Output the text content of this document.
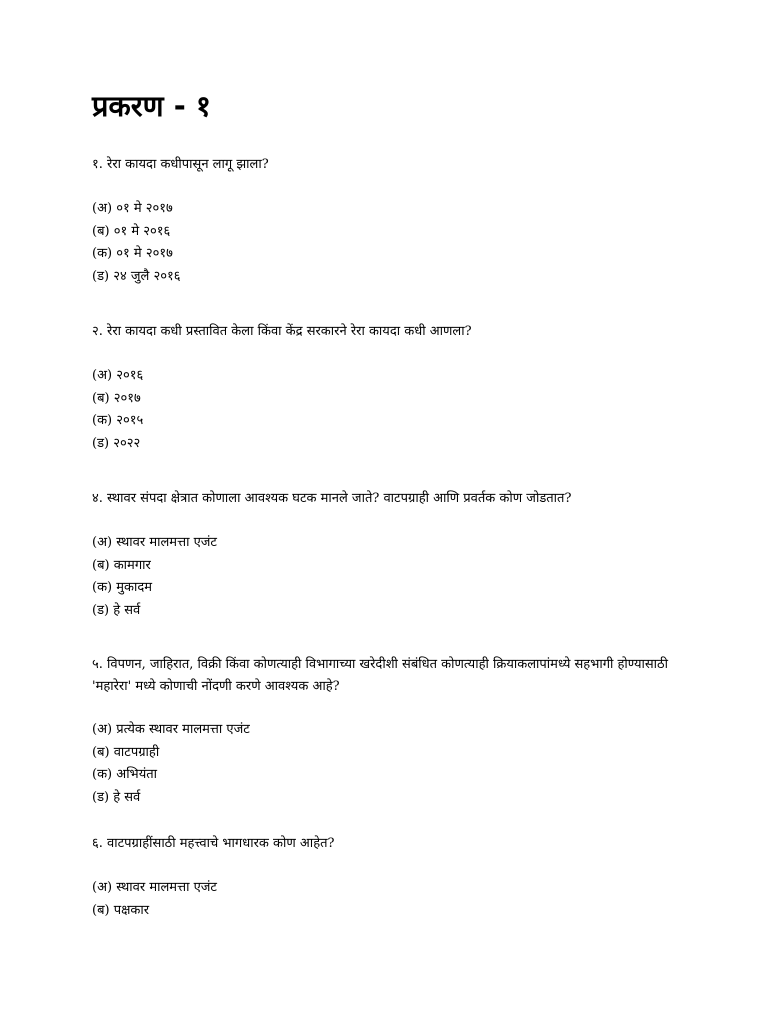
प्रकरण - १

१. रेरा कायदा कधीपासून लागू झाला?

(अ) ०१ मे २०१७
(ब) ०१ मे २०१६
(क) ०१ मे २०१७
(ड) २४ जुलै २०१६

२. रेरा कायदा कधी प्रस्तावित केला किंवा केंद्र सरकारने रेरा कायदा कधी आणला?

(अ) २०१६
(ब) २०१७
(क) २०१५
(ड) २०२२

४. स्थावर संपदा क्षेत्रात कोणाला आवश्यक घटक मानले जाते? वाटपग्राही आणि प्रवर्तक कोण जोडतात?

(अ) स्थावर मालमत्ता एजंट
(ब) कामगार
(क) मुकादम
(ड) हे सर्व

५. विपणन, जाहिरात, विक्री किंवा कोणत्याही विभागाच्या खरेदीशी संबंधित कोणत्याही क्रियाकलापांमध्ये सहभागी होण्यासाठी 'महारेरा' मध्ये कोणाची नोंदणी करणे आवश्यक आहे?

(अ) प्रत्येक स्थावर मालमत्ता एजंट
(ब) वाटपग्राही
(क) अभियंता
(ड) हे सर्व

६. वाटपग्राहींसाठी महत्त्वाचे भागधारक कोण आहेत?

(अ) स्थावर मालमत्ता एजंट
(ब) पक्षकार
